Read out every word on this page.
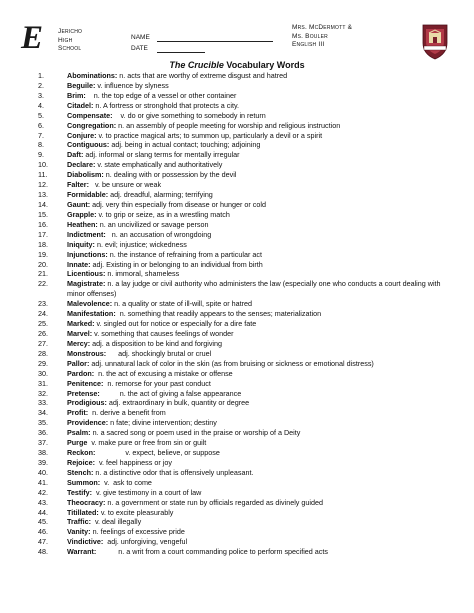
E Jericho
High
School
NAME
DATE
Mrs. McDermott &
Ms. Bouler
English III
The Crucible Vocabulary Words
1.	Abominations: n. acts that are worthy of extreme disgust and hatred
2.	Beguile: v. influence by slyness
3.	Brim:    n. the top edge of a vessel or other container
4.	Citadel: n. A fortress or stronghold that protects a city.
5.	Compensate:    v. do or give something to somebody in return
6.	Congregation: n. an assembly of people meeting for worship and religious instruction
7.	Conjure: v. to practice magical arts; to summon up, particularly a devil or a spirit
8.	Contiguous: adj. being in actual contact; touching; adjoining
9.	Daft: adj. informal or slang terms for mentally irregular
10.	Declare: v. state emphatically and authoritatively
11.	Diabolism: n. dealing with or possession by the devil
12.	Falter:   v. be unsure or weak
13.	Formidable: adj. dreadful, alarming; terrifying
14.	Gaunt: adj. very thin especially from disease or hunger or cold
15.	Grapple: v. to grip or seize, as in a wrestling match
16.	Heathen: n. an uncivilized or savage person
17.	Indictment:   n. an accusation of wrongdoing
18.	Iniquity: n. evil; injustice; wickedness
19.	Injunctions: n. the instance of refraining from a particular act
20.	Innate: adj. Existing in or belonging to an individual from birth
21.	Licentious: n. immoral, shameless
22.	Magistrate: n. a lay judge or civil authority who administers the law (especially one who conducts a court dealing with minor offenses)
23.	Malevolence: n. a quality or state of ill-will, spite or hatred
24.	Manifestation:  n. something that readily appears to the senses; materialization
25.	Marked: v. singled out for notice or especially for a dire fate
26.	Marvel: v. something that causes feelings of wonder
27.	Mercy: adj. a disposition to be kind and forgiving
28.	Monstrous:      adj. shockingly brutal or cruel
29.	Pallor: adj. unnatural lack of color in the skin (as from bruising or sickness or emotional distress)
30.	Pardon:  n. the act of excusing a mistake or offense
31.	Penitence:  n. remorse for your past conduct
32.	Pretense:          n. the act of giving a false appearance
33.	Prodigious: adj. extraordinary in bulk, quantity or degree
34.	Profit:  n. derive a benefit from
35.	Providence: n fate; divine intervention; destiny
36.	Psalm: n. a sacred song or poem used in the praise or worship of a Deity
37.	Purge  v. make pure or free from sin or guilt
38.	Reckon:               v. expect, believe, or suppose
39.	Rejoice:  v. feel happiness or joy
40.	Stench: n. a distinctive odor that is offensively unpleasant.
41.	Summon:  v.  ask to come
42.	Testify:  v. give testimony in a court of law
43.	Theocracy: n. a government or state run by officials regarded as divinely guided
44.	Titillated: v. to excite pleasurably
45.	Traffic:  v. deal illegally
46.	Vanity: n. feelings of excessive pride
47.	Vindictive:  adj. unforgiving, vengeful
48.	Warrant:           n. a writ from a court commanding police to perform specified acts
